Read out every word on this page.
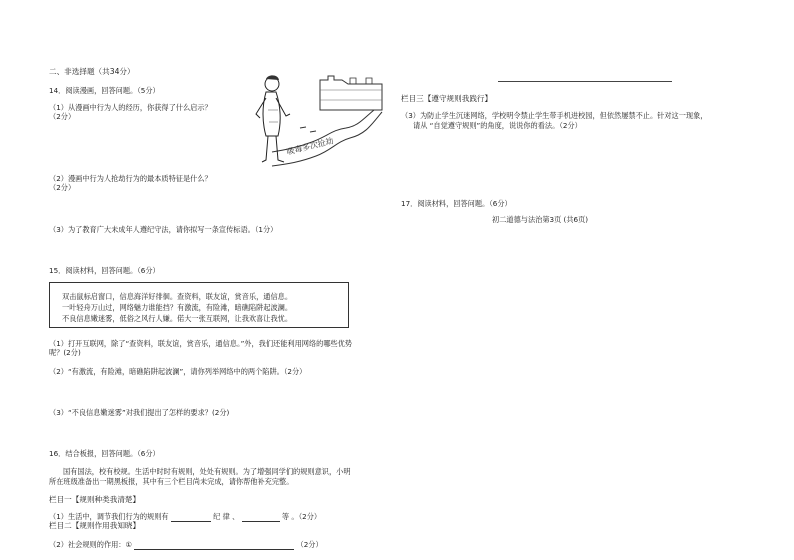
二、非选择题（共34分）
14．阅读漫画，回答问题。（5分）
（1）从漫画中行为人的经历，你获得了什么启示？
（2分）
吸毒多次抢劫
（2）漫画中行为人抢劫行为的最本质特征是什么？
（2分）
（3）为了教育广大未成年人遵纪守法，请你拟写一条宣传标语。（1分）
15．阅读材料，回答问题。（6分）
双击鼠标启窗口，信息海洋好徘徊。查资料，联友谊，赏音乐，通信息。
一叶轻舟万山过，网络魅力谁能挡？有激流，有险滩，暗礁陷阱起波澜。
不良信息嫩迷雾，低俗之风行人嫌。偌大一张互联网，让我欢喜让我忧。
（1）打开互联网，除了“查资料，联友谊，赏音乐，通信息。”外，我们还能利用网络的哪些优势
呢？(2分)
（2）“有激流，有险滩，暗礁陷阱起波澜”，请你列举网络中的两个陷阱。（2分）
（3）“不良信息嫩迷雾”对我们提出了怎样的要求？(2分)
16．结合板报，回答问题。（6分）
国有国法，校有校规。生活中时时有规则，处处有规则。为了增强同学们的规则意识，小明
所在班级准备出一期黑板报，其中有三个栏目尚未完成，请你帮他补充完整。
栏目一【规则种类我清楚】
（1）生活中，调节我们行为的规则有	纪 律 、	等 。（2分）
栏目二【规则作用我知晓】
（2）社会规则的作用：①	（2分）
栏目三【遵守规则我践行】
（3）为防止学生沉迷网络，学校明令禁止学生带手机进校园，但依然屡禁不止。针对这一现象，
请从 “自觉遵守规则”的角度，说说你的看法。（2分）
17．阅读材料，回答问题。（6分）
初二道德与法治第3页 (共6页)
